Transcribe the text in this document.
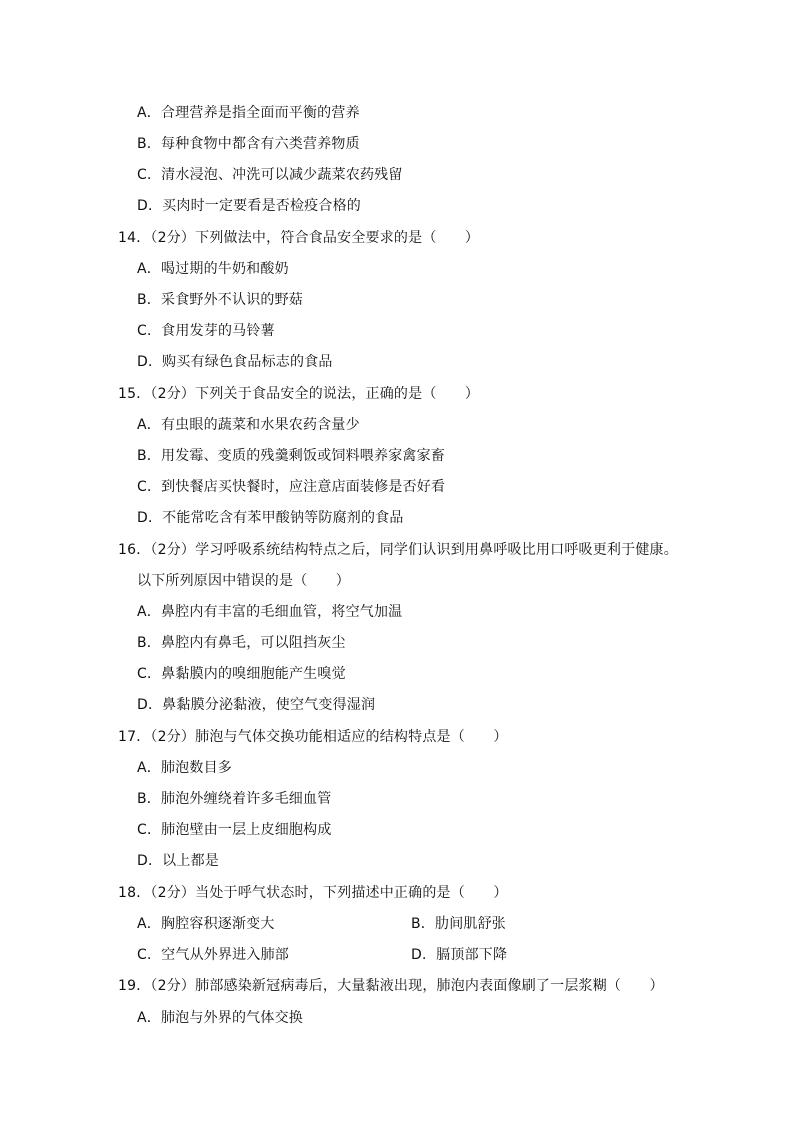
A．合理营养是指全面而平衡的营养
B．每种食物中都含有六类营养物质
C．清水浸泡、冲洗可以减少蔬菜农药残留
D．买肉时一定要看是否检疫合格的
14．（2分）下列做法中，符合食品安全要求的是（　　）
A．喝过期的牛奶和酸奶
B．采食野外不认识的野菇
C．食用发芽的马铃薯
D．购买有绿色食品标志的食品
15．（2分）下列关于食品安全的说法，正确的是（　　）
A．有虫眼的蔬菜和水果农药含量少
B．用发霉、变质的残羹剩饭或饲料喂养家禽家畜
C．到快餐店买快餐时，应注意店面装修是否好看
D．不能常吃含有苯甲酸钠等防腐剂的食品
16．（2分）学习呼吸系统结构特点之后，同学们认识到用鼻呼吸比用口呼吸更利于健康。
以下所列原因中错误的是（　　）
A．鼻腔内有丰富的毛细血管，将空气加温
B．鼻腔内有鼻毛，可以阻挡灰尘
C．鼻黏膜内的嗅细胞能产生嗅觉
D．鼻黏膜分泌黏液，使空气变得湿润
17．（2分）肺泡与气体交换功能相适应的结构特点是（　　）
A．肺泡数目多
B．肺泡外缠绕着许多毛细血管
C．肺泡壁由一层上皮细胞构成
D．以上都是
18．（2分）当处于呼气状态时，下列描述中正确的是（　　）
A．胸腔容积逐渐变大	B．肋间肌舒张
C．空气从外界进入肺部	D．膈顶部下降
19．（2分）肺部感染新冠病毒后，大量黏液出现，肺泡内表面像刷了一层浆糊（　　）
A．肺泡与外界的气体交换
